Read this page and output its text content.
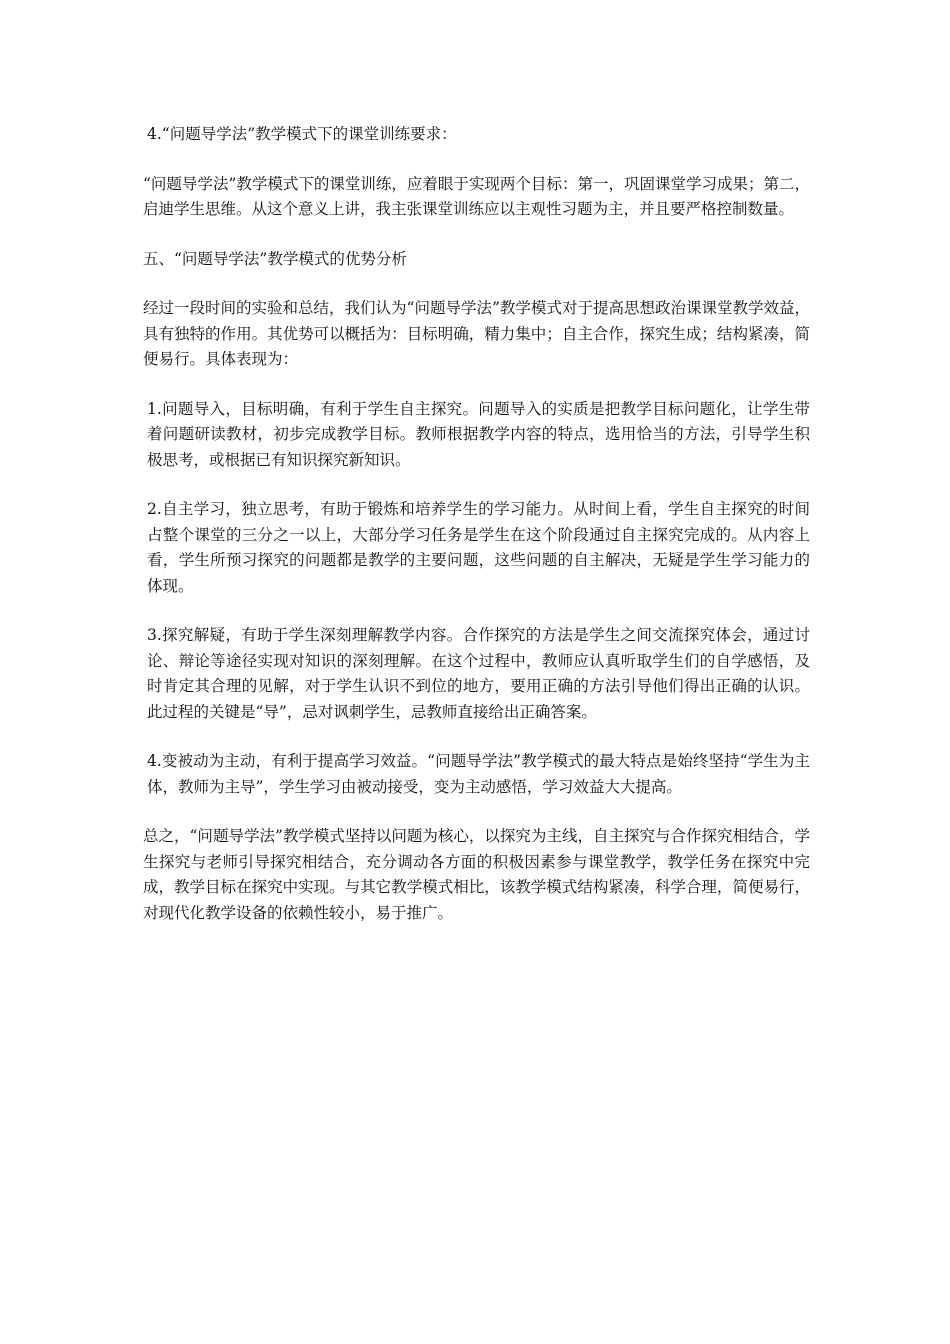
4.“问题导学法”教学模式下的课堂训练要求：

“问题导学法”教学模式下的课堂训练，应着眼于实现两个目标：第一，巩固课堂学习成果；第二，启迪学生思维。从这个意义上讲，我主张课堂训练应以主观性习题为主，并且要严格控制数量。

五、“问题导学法”教学模式的优势分析

经过一段时间的实验和总结，我们认为“问题导学法”教学模式对于提高思想政治课课堂教学效益，具有独特的作用。其优势可以概括为：目标明确，精力集中；自主合作，探究生成；结构紧凑，简便易行。具体表现为：

1.问题导入，目标明确，有利于学生自主探究。问题导入的实质是把教学目标问题化，让学生带着问题研读教材，初步完成教学目标。教师根据教学内容的特点，选用恰当的方法，引导学生积极思考，或根据已有知识探究新知识。

2.自主学习，独立思考，有助于锻炼和培养学生的学习能力。从时间上看，学生自主探究的时间占整个课堂的三分之一以上，大部分学习任务是学生在这个阶段通过自主探究完成的。从内容上看，学生所预习探究的问题都是教学的主要问题，这些问题的自主解决，无疑是学生学习能力的体现。

3.探究解疑，有助于学生深刻理解教学内容。合作探究的方法是学生之间交流探究体会，通过讨论、辩论等途径实现对知识的深刻理解。在这个过程中，教师应认真听取学生们的自学感悟，及时肯定其合理的见解，对于学生认识不到位的地方，要用正确的方法引导他们得出正确的认识。此过程的关键是“导”，忌对讽刺学生，忌教师直接给出正确答案。

4.变被动为主动，有利于提高学习效益。“问题导学法”教学模式的最大特点是始终坚持“学生为主体，教师为主导”，学生学习由被动接受，变为主动感悟，学习效益大大提高。

总之，“问题导学法”教学模式坚持以问题为核心，以探究为主线，自主探究与合作探究相结合，学生探究与老师引导探究相结合，充分调动各方面的积极因素参与课堂教学，教学任务在探究中完成，教学目标在探究中实现。与其它教学模式相比，该教学模式结构紧凑，科学合理，简便易行，对现代化教学设备的依赖性较小，易于推广。
